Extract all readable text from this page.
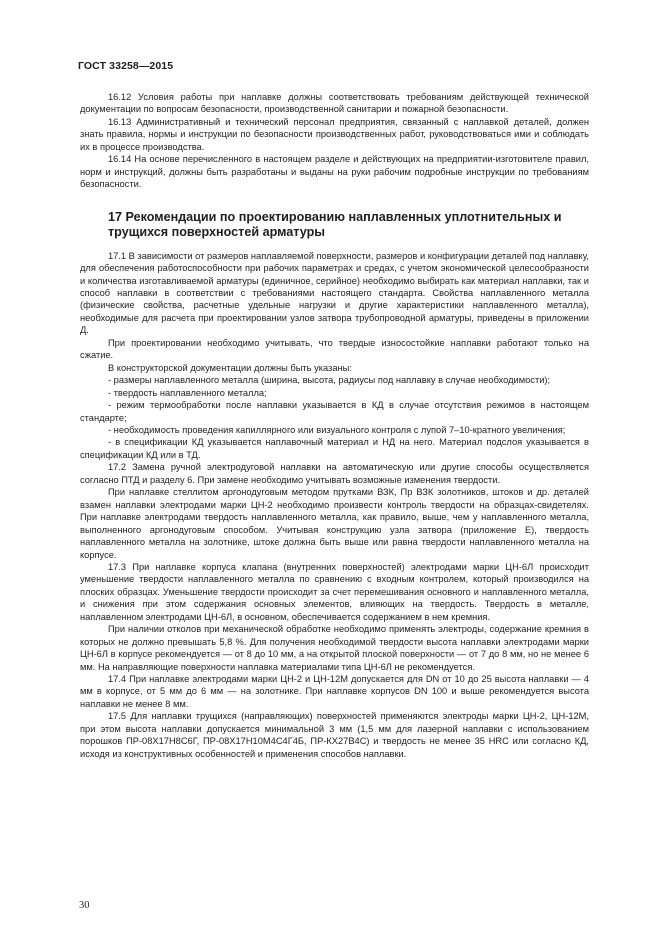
ГОСТ 33258—2015

16.12 Условия работы при наплавке должны соответствовать требованиям действующей технической документации по вопросам безопасности, производственной санитарии и пожарной безопасности.

16.13 Административный и технический персонал предприятия, связанный с наплавкой деталей, должен знать правила, нормы и инструкции по безопасности производственных работ, руководствоваться ими и соблюдать их в процессе производства.

16.14 На основе перечисленного в настоящем разделе и действующих на предприятии-изготовителе правил, норм и инструкций, должны быть разработаны и выданы на руки рабочим подробные инструкции по требованиям безопасности.

17 Рекомендации по проектированию наплавленных уплотнительных и трущихся поверхностей арматуры

17.1 В зависимости от размеров наплавляемой поверхности, размеров и конфигурации деталей под наплавку, для обеспечения работоспособности при рабочих параметрах и средах, с учетом экономической целесообразности и количества изготавливаемой арматуры (единичное, серийное) необходимо выбирать как материал наплавки, так и способ наплавки в соответствии с требованиями настоящего стандарта. Свойства наплавленного металла (физические свойства, расчетные удельные нагрузки и другие характеристики наплавленного металла), необходимые для расчета при проектировании узлов затвора трубопроводной арматуры, приведены в приложении Д.

При проектировании необходимо учитывать, что твердые износостойкие наплавки работают только на сжатие.

В конструкторской документации должны быть указаны:

- размеры наплавленного металла (ширина, высота, радиусы под наплавку в случае необходимости);

- твердость наплавленного металла;

- режим термообработки после наплавки указывается в КД в случае отсутствия режимов в настоящем стандарте;

- необходимость проведения капиллярного или визуального контроля с лупой 7–10-кратного увеличения;

- в спецификации КД указывается наплавочный материал и НД на него. Материал подслоя указывается в спецификации КД или в ТД.

17.2 Замена ручной электродуговой наплавки на автоматическую или другие способы осуществляется согласно ПТД и разделу 6. При замене необходимо учитывать возможные изменения твердости.

При наплавке стеллитом аргонодуговым методом прутками ВЗК, Пр ВЗК золотников, штоков и др. деталей взамен наплавки электродами марки ЦН-2 необходимо произвести контроль твердости на образцах-свидетелях. При наплавке электродами твердость наплавленного металла, как правило, выше, чем у наплавленного металла, выполненного аргонодуговым способом. Учитывая конструкцию узла затвора (приложение Е), твердость наплавленного металла на золотнике, штоке должна быть выше или равна твердости наплавленного металла на корпусе.

17.3 При наплавке корпуса клапана (внутренних поверхностей) электродами марки ЦН-6Л происходит уменьшение твердости наплавленного металла по сравнению с входным контролем, который производился на плоских образцах. Уменьшение твердости происходит за счет перемешивания основного и наплавленного металла, и снижения при этом содержания основных элементов, влияющих на твердость. Твердость в металле, наплавленном электродами ЦН-6Л, в основном, обеспечивается содержанием в нем кремния.

При наличии отколов при механической обработке необходимо применять электроды, содержание кремния в которых не должно превышать 5,8 %. Для получения необходимой твердости высота наплавки электродами марки ЦН-6Л в корпусе рекомендуется — от 8 до 10 мм, а на открытой плоской поверхности — от 7 до 8 мм, но не менее 6 мм. На направляющие поверхности наплавка материалами типа ЦН-6Л не рекомендуется.

17.4 При наплавке электродами марки ЦН-2 и ЦН-12М допускается для DN от 10 до 25 высота наплавки — 4 мм в корпусе, от 5 мм до 6 мм — на золотнике. При наплавке корпусов DN 100 и выше рекомендуется высота наплавки не менее 8 мм.

17.5 Для наплавки трущихся (направляющих) поверхностей применяются электроды марки ЦН-2, ЦН-12М, при этом высота наплавки допускается минимальной 3 мм (1,5 мм для лазерной наплавки с использованием порошков ПР-08Х17Н8С6Г, ПР-08Х17Н10М4С4Г4Б, ПР-КХ27В4С) и твердость не менее 35 HRC или согласно КД, исходя из конструктивных особенностей и применения способов наплавки.

30
